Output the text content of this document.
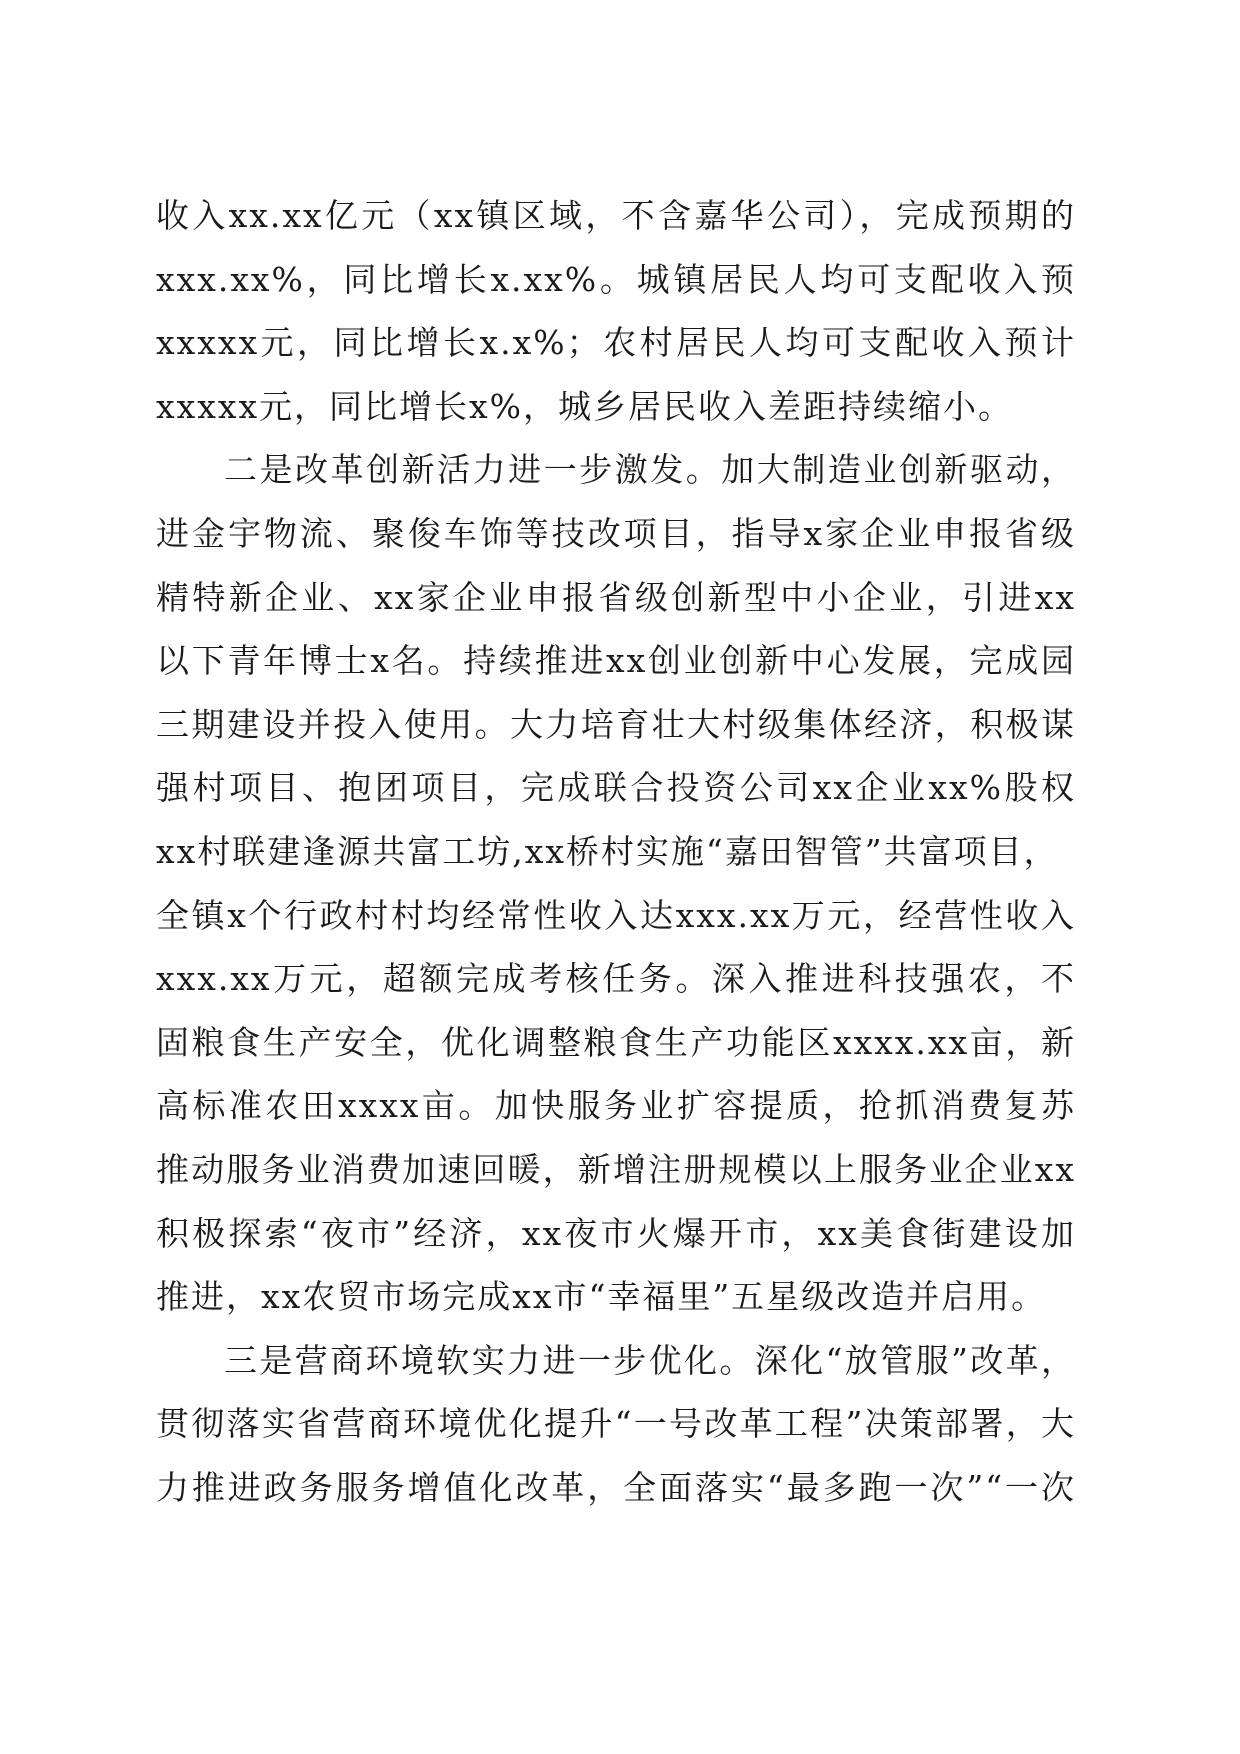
收入xx.xx亿元（xx镇区域，不含嘉华公司），完成预期的
xxx.xx%，同比增长x.xx%。城镇居民人均可支配收入预
xxxxx元，同比增长x.x%；农村居民人均可支配收入预计
xxxxx元，同比增长x%，城乡居民收入差距持续缩小。
二是改革创新活力进一步激发。加大制造业创新驱动，
进金宇物流、聚俊车饰等技改项目，指导x家企业申报省级
精特新企业、xx家企业申报省级创新型中小企业，引进xx
以下青年博士x名。持续推进xx创业创新中心发展，完成园
三期建设并投入使用。大力培育壮大村级集体经济，积极谋
强村项目、抱团项目，完成联合投资公司xx企业xx%股权
xx村联建逢源共富工坊,xx桥村实施“嘉田智管”共富项目，
全镇x个行政村村均经常性收入达xxx.xx万元，经营性收入
xxx.xx万元，超额完成考核任务。深入推进科技强农，不
固粮食生产安全，优化调整粮食生产功能区xxxx.xx亩，新
高标准农田xxxx亩。加快服务业扩容提质，抢抓消费复苏
推动服务业消费加速回暖，新增注册规模以上服务业企业xx
积极探索“夜市”经济，xx夜市火爆开市，xx美食街建设加
推进，xx农贸市场完成xx市“幸福里”五星级改造并启用。
三是营商环境软实力进一步优化。深化“放管服”改革，
贯彻落实省营商环境优化提升“一号改革工程”决策部署，大
力推进政务服务增值化改革，全面落实“最多跑一次”“一次
